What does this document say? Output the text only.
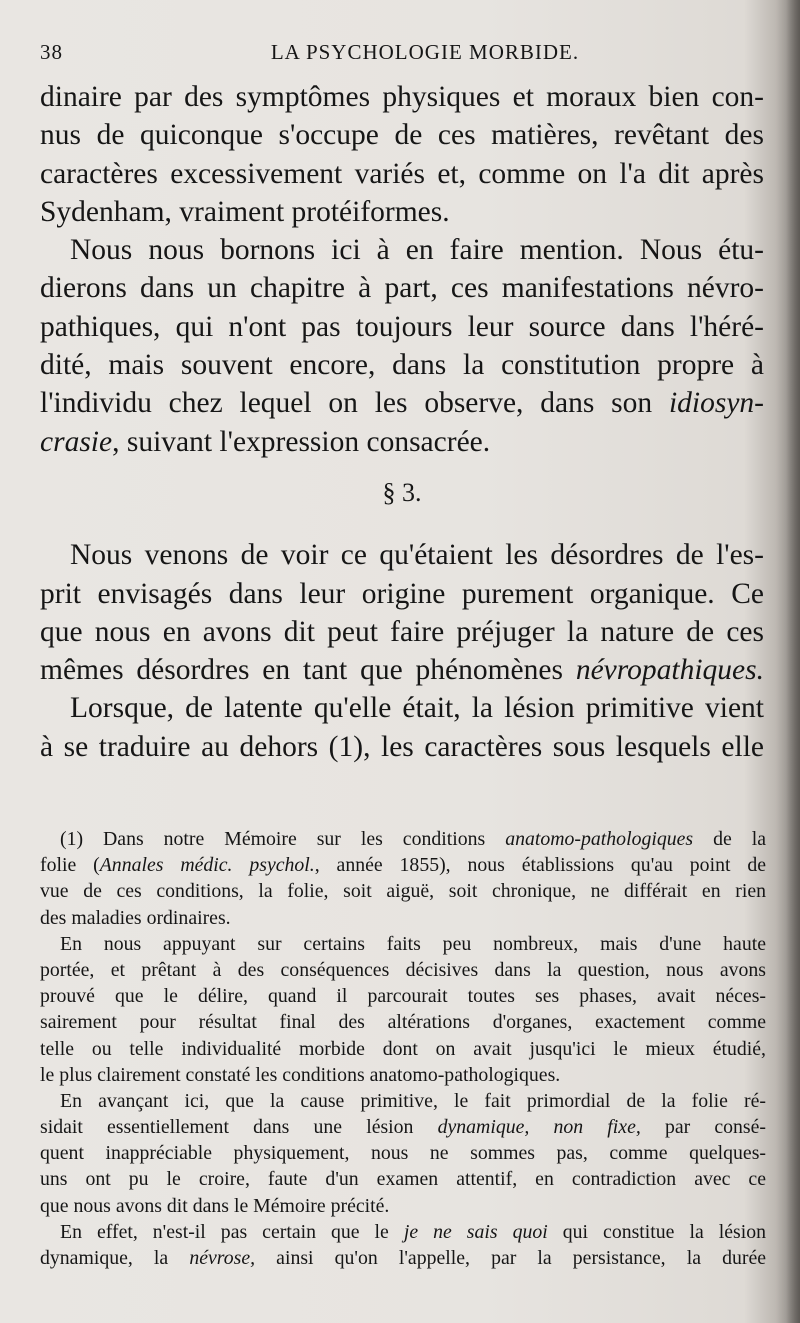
38	LA PSYCHOLOGIE MORBIDE.
dinaire par des symptômes physiques et moraux bien con-
nus de quiconque s'occupe de ces matières, revêtant des
caractères excessivement variés et, comme on l'a dit après
Sydenham, vraiment protéiformes.
Nous nous bornons ici à en faire mention. Nous étu-
dierons dans un chapitre à part, ces manifestations névro-
pathiques, qui n'ont pas toujours leur source dans l'héré-
dité, mais souvent encore, dans la constitution propre à
l'individu chez lequel on les observe, dans son idiosyn-
crasie, suivant l'expression consacrée.
§ 3.
Nous venons de voir ce qu'étaient les désordres de l'es-
prit envisagés dans leur origine purement organique. Ce
que nous en avons dit peut faire préjuger la nature de ces
mêmes désordres en tant que phénomènes névropathiques.
Lorsque, de latente qu'elle était, la lésion primitive vient
à se traduire au dehors (1), les caractères sous lesquels elle
(1) Dans notre Mémoire sur les conditions anatomo-pathologiques de la
folie (Annales médic. psychol., année 1855), nous établissions qu'au point de
vue de ces conditions, la folie, soit aiguë, soit chronique, ne différait en rien
des maladies ordinaires.
En nous appuyant sur certains faits peu nombreux, mais d'une haute
portée, et prêtant à des conséquences décisives dans la question, nous avons
prouvé que le délire, quand il parcourait toutes ses phases, avait néces-
sairement pour résultat final des altérations d'organes, exactement comme
telle ou telle individualité morbide dont on avait jusqu'ici le mieux étudié,
le plus clairement constaté les conditions anatomo-pathologiques.
En avançant ici, que la cause primitive, le fait primordial de la folie ré-
sidait essentiellement dans une lésion dynamique, non fixe, par consé-
quent inappréciable physiquement, nous ne sommes pas, comme quelques-
uns ont pu le croire, faute d'un examen attentif, en contradiction avec ce
que nous avons dit dans le Mémoire précité.
En effet, n'est-il pas certain que le je ne sais quoi qui constitue la lésion
dynamique, la névrose, ainsi qu'on l'appelle, par la persistance, la durée
